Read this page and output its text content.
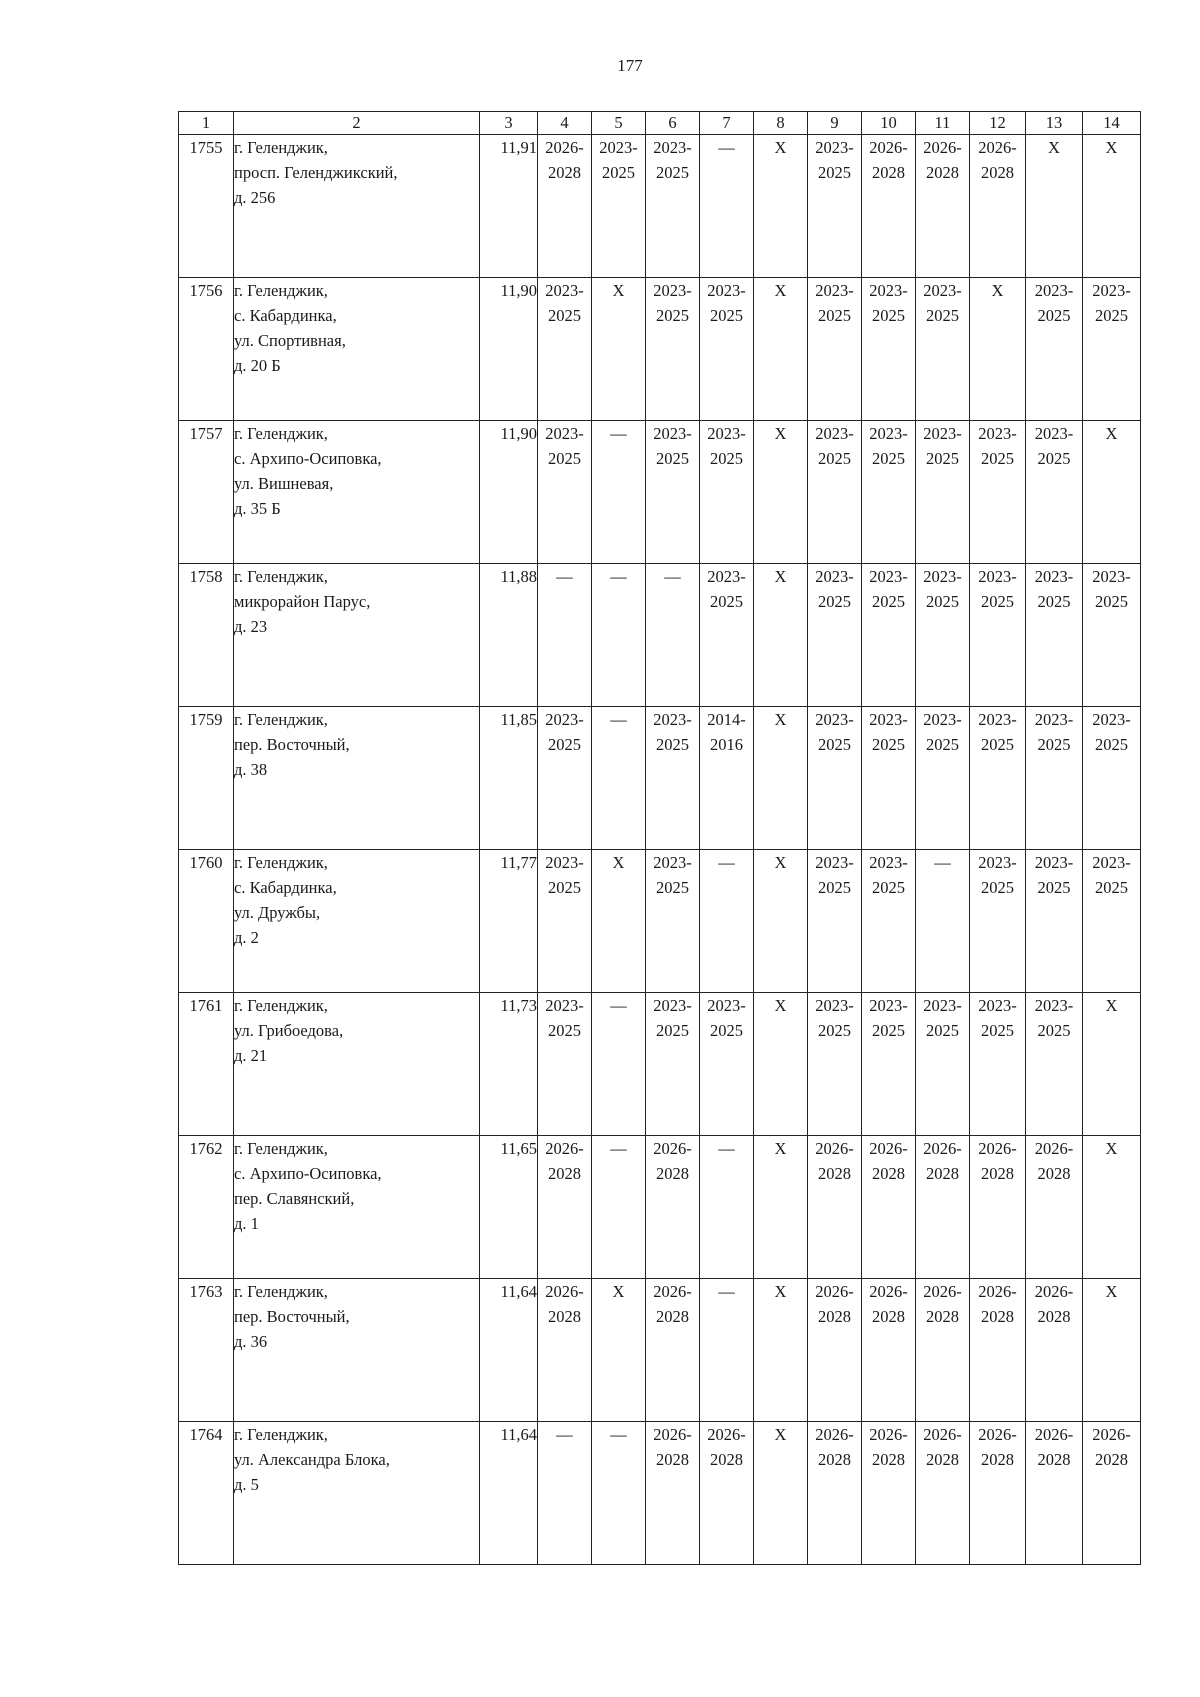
177
1	2	3	4	5	6	7	8	9	10	11	12	13	14
1755	г. Геленджик,
просп. Геленджикский,
д. 256	11,91	2026-
2028	2023-
2025	2023-
2025	—	Х	2023-
2025	2026-
2028	2026-
2028	2026-
2028	Х	Х

1756	г. Геленджик,
с. Кабардинка,
ул. Спортивная,
д. 20 Б	11,90	2023-
2025	Х	2023-
2025	2023-
2025	Х	2023-
2025	2023-
2025	2023-
2025	Х	2023-
2025	2023-
2025

1757	г. Геленджик,
с. Архипо-Осиповка,
ул. Вишневая,
д. 35 Б	11,90	2023-
2025	—	2023-
2025	2023-
2025	Х	2023-
2025	2023-
2025	2023-
2025	2023-
2025	2023-
2025	Х

1758	г. Геленджик,
микрорайон Парус,
д. 23	11,88	—	—	—	2023-
2025	Х	2023-
2025	2023-
2025	2023-
2025	2023-
2025	2023-
2025	2023-
2025

1759	г. Геленджик,
пер. Восточный,
д. 38	11,85	2023-
2025	—	2023-
2025	2014-
2016	Х	2023-
2025	2023-
2025	2023-
2025	2023-
2025	2023-
2025	2023-
2025

1760	г. Геленджик,
с. Кабардинка,
ул. Дружбы,
д. 2	11,77	2023-
2025	Х	2023-
2025	—	Х	2023-
2025	2023-
2025	—	2023-
2025	2023-
2025	2023-
2025

1761	г. Геленджик,
ул. Грибоедова,
д. 21	11,73	2023-
2025	—	2023-
2025	2023-
2025	Х	2023-
2025	2023-
2025	2023-
2025	2023-
2025	2023-
2025	Х

1762	г. Геленджик,
с. Архипо-Осиповка,
пер. Славянский,
д. 1	11,65	2026-
2028	—	2026-
2028	—	Х	2026-
2028	2026-
2028	2026-
2028	2026-
2028	2026-
2028	Х

1763	г. Геленджик,
пер. Восточный,
д. 36	11,64	2026-
2028	Х	2026-
2028	—	Х	2026-
2028	2026-
2028	2026-
2028	2026-
2028	2026-
2028	Х

1764	г. Геленджик,
ул. Александра Блока,
д. 5	11,64	—	—	2026-
2028	2026-
2028	Х	2026-
2028	2026-
2028	2026-
2028	2026-
2028	2026-
2028	2026-
2028
